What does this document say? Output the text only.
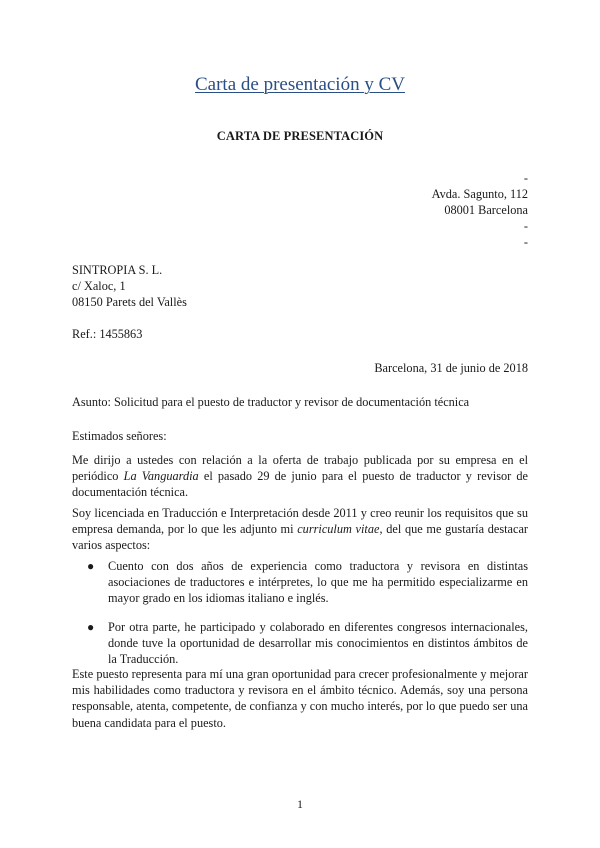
Carta de presentación y CV
CARTA DE PRESENTACIÓN
-
Avda. Sagunto, 112
08001 Barcelona
-
-
SINTROPIA S. L.
c/ Xaloc, 1
08150 Parets del Vallès
Ref.: 1455863
Barcelona, 31 de junio de 2018
Asunto: Solicitud para el puesto de traductor y revisor de documentación técnica
Estimados señores:
Me dirijo a ustedes con relación a la oferta de trabajo publicada por su empresa en el periódico La Vanguardia el pasado 29 de junio para el puesto de traductor y revisor de documentación técnica.
Soy licenciada en Traducción e Interpretación desde 2011 y creo reunir los requisitos que su empresa demanda, por lo que les adjunto mi curriculum vitae, del que me gustaría destacar varios aspectos:
● Cuento con dos años de experiencia como traductora y revisora en distintas asociaciones de traductores e intérpretes, lo que me ha permitido especializarme en mayor grado en los idiomas italiano e inglés.
● Por otra parte, he participado y colaborado en diferentes congresos internacionales, donde tuve la oportunidad de desarrollar mis conocimientos en distintos ámbitos de la Traducción.
Este puesto representa para mí una gran oportunidad para crecer profesionalmente y mejorar mis habilidades como traductora y revisora en el ámbito técnico. Además, soy una persona responsable, atenta, competente, de confianza y con mucho interés, por lo que puedo ser una buena candidata para el puesto.
1
